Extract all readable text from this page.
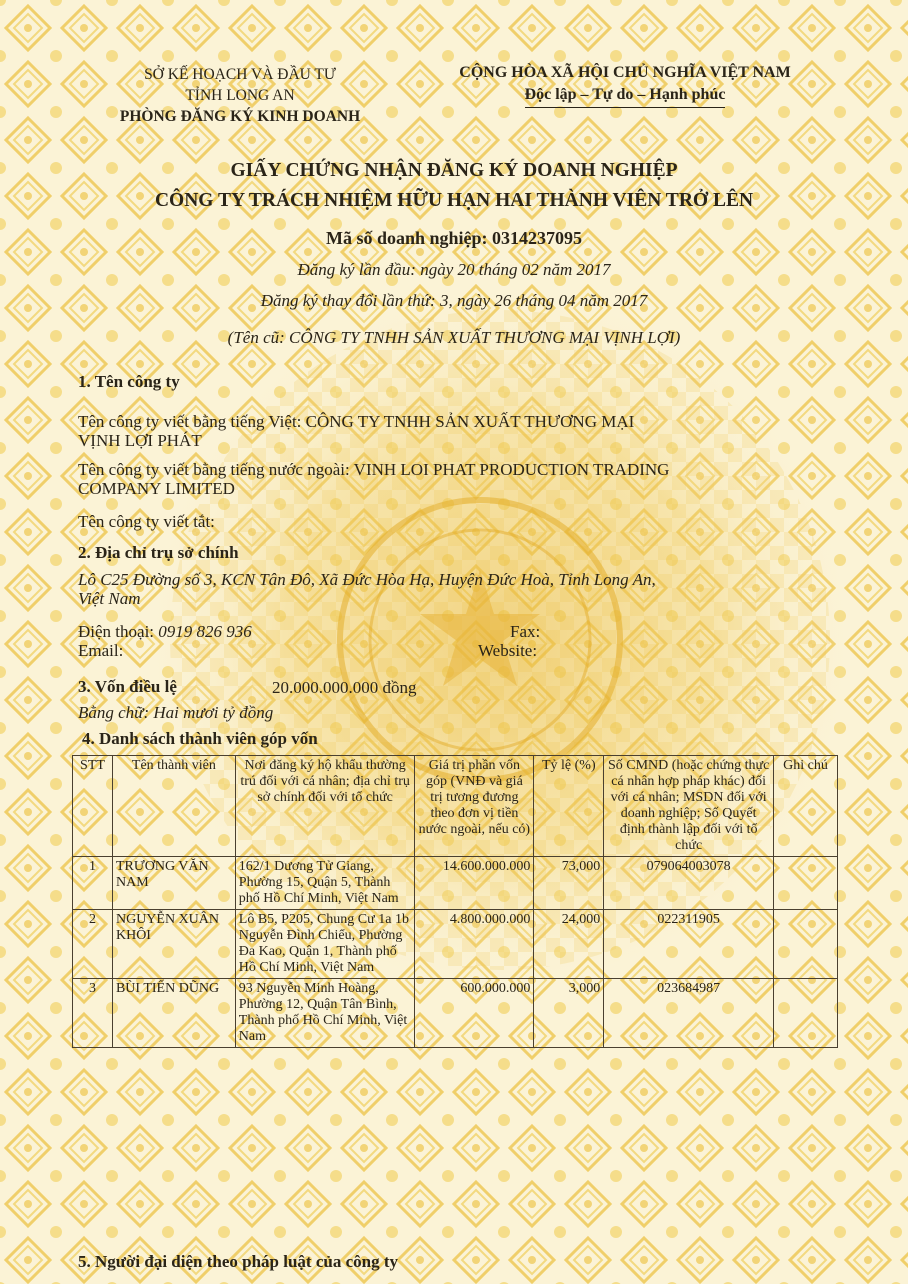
SỞ KẾ HOẠCH VÀ ĐẦU TƯ
TỈNH LONG AN
PHÒNG ĐĂNG KÝ KINH DOANH
CỘNG HÒA XÃ HỘI CHỦ NGHĨA VIỆT NAM
Độc lập – Tự do – Hạnh phúc
GIẤY CHỨNG NHẬN ĐĂNG KÝ DOANH NGHIỆP
CÔNG TY TRÁCH NHIỆM HỮU HẠN HAI THÀNH VIÊN TRỞ LÊN
Mã số doanh nghiệp: 0314237095
Đăng ký lần đầu: ngày 20 tháng 02 năm 2017
Đăng ký thay đổi lần thứ: 3, ngày 26 tháng 04 năm 2017
(Tên cũ: CÔNG TY TNHH SẢN XUẤT THƯƠNG MẠI VỊNH LỢI)
1. Tên công ty
Tên công ty viết bằng tiếng Việt: CÔNG TY TNHH SẢN XUẤT THƯƠNG MẠI
VỊNH LỢI PHÁT
Tên công ty viết bằng tiếng nước ngoài: VINH LOI PHAT PRODUCTION TRADING
COMPANY LIMITED
Tên công ty viết tắt:
2. Địa chỉ trụ sở chính
Lô C25 Đường số 3, KCN Tân Đô, Xã Đức Hòa Hạ, Huyện Đức Hoà, Tỉnh Long An,
Việt Nam
Điện thoại: 0919 826 936	Fax:
Email:	Website:
3. Vốn điều lệ	20.000.000.000 đồng
Bằng chữ: Hai mươi tỷ đồng
4. Danh sách thành viên góp vốn
STT	Tên thành viên	Nơi đăng ký hộ khẩu thường trú đối với cá nhân; địa chỉ trụ sở chính đối với tổ chức	Giá trị phần vốn góp (VNĐ và giá trị tương đương theo đơn vị tiền nước ngoài, nếu có)	Tỷ lệ (%)	Số CMND (hoặc chứng thực cá nhân hợp pháp khác) đối với cá nhân; MSDN đối với doanh nghiệp; Số Quyết định thành lập đối với tổ chức	Ghi chú
1	TRƯƠNG VĂN NAM	162/1 Dương Tử Giang, Phường 15, Quận 5, Thành phố Hồ Chí Minh, Việt Nam	14.600.000.000	73,000	079064003078	
2	NGUYỄN XUÂN KHÔI	Lô B5, P205, Chung Cư 1a 1b Nguyễn Đình Chiểu, Phường Đa Kao, Quận 1, Thành phố Hồ Chí Minh, Việt Nam	4.800.000.000	24,000	022311905	
3	BÙI TIẾN DŨNG	93 Nguyễn Minh Hoàng, Phường 12, Quận Tân Bình, Thành phố Hồ Chí Minh, Việt Nam	600.000.000	3,000	023684987	
5. Người đại diện theo pháp luật của công ty
